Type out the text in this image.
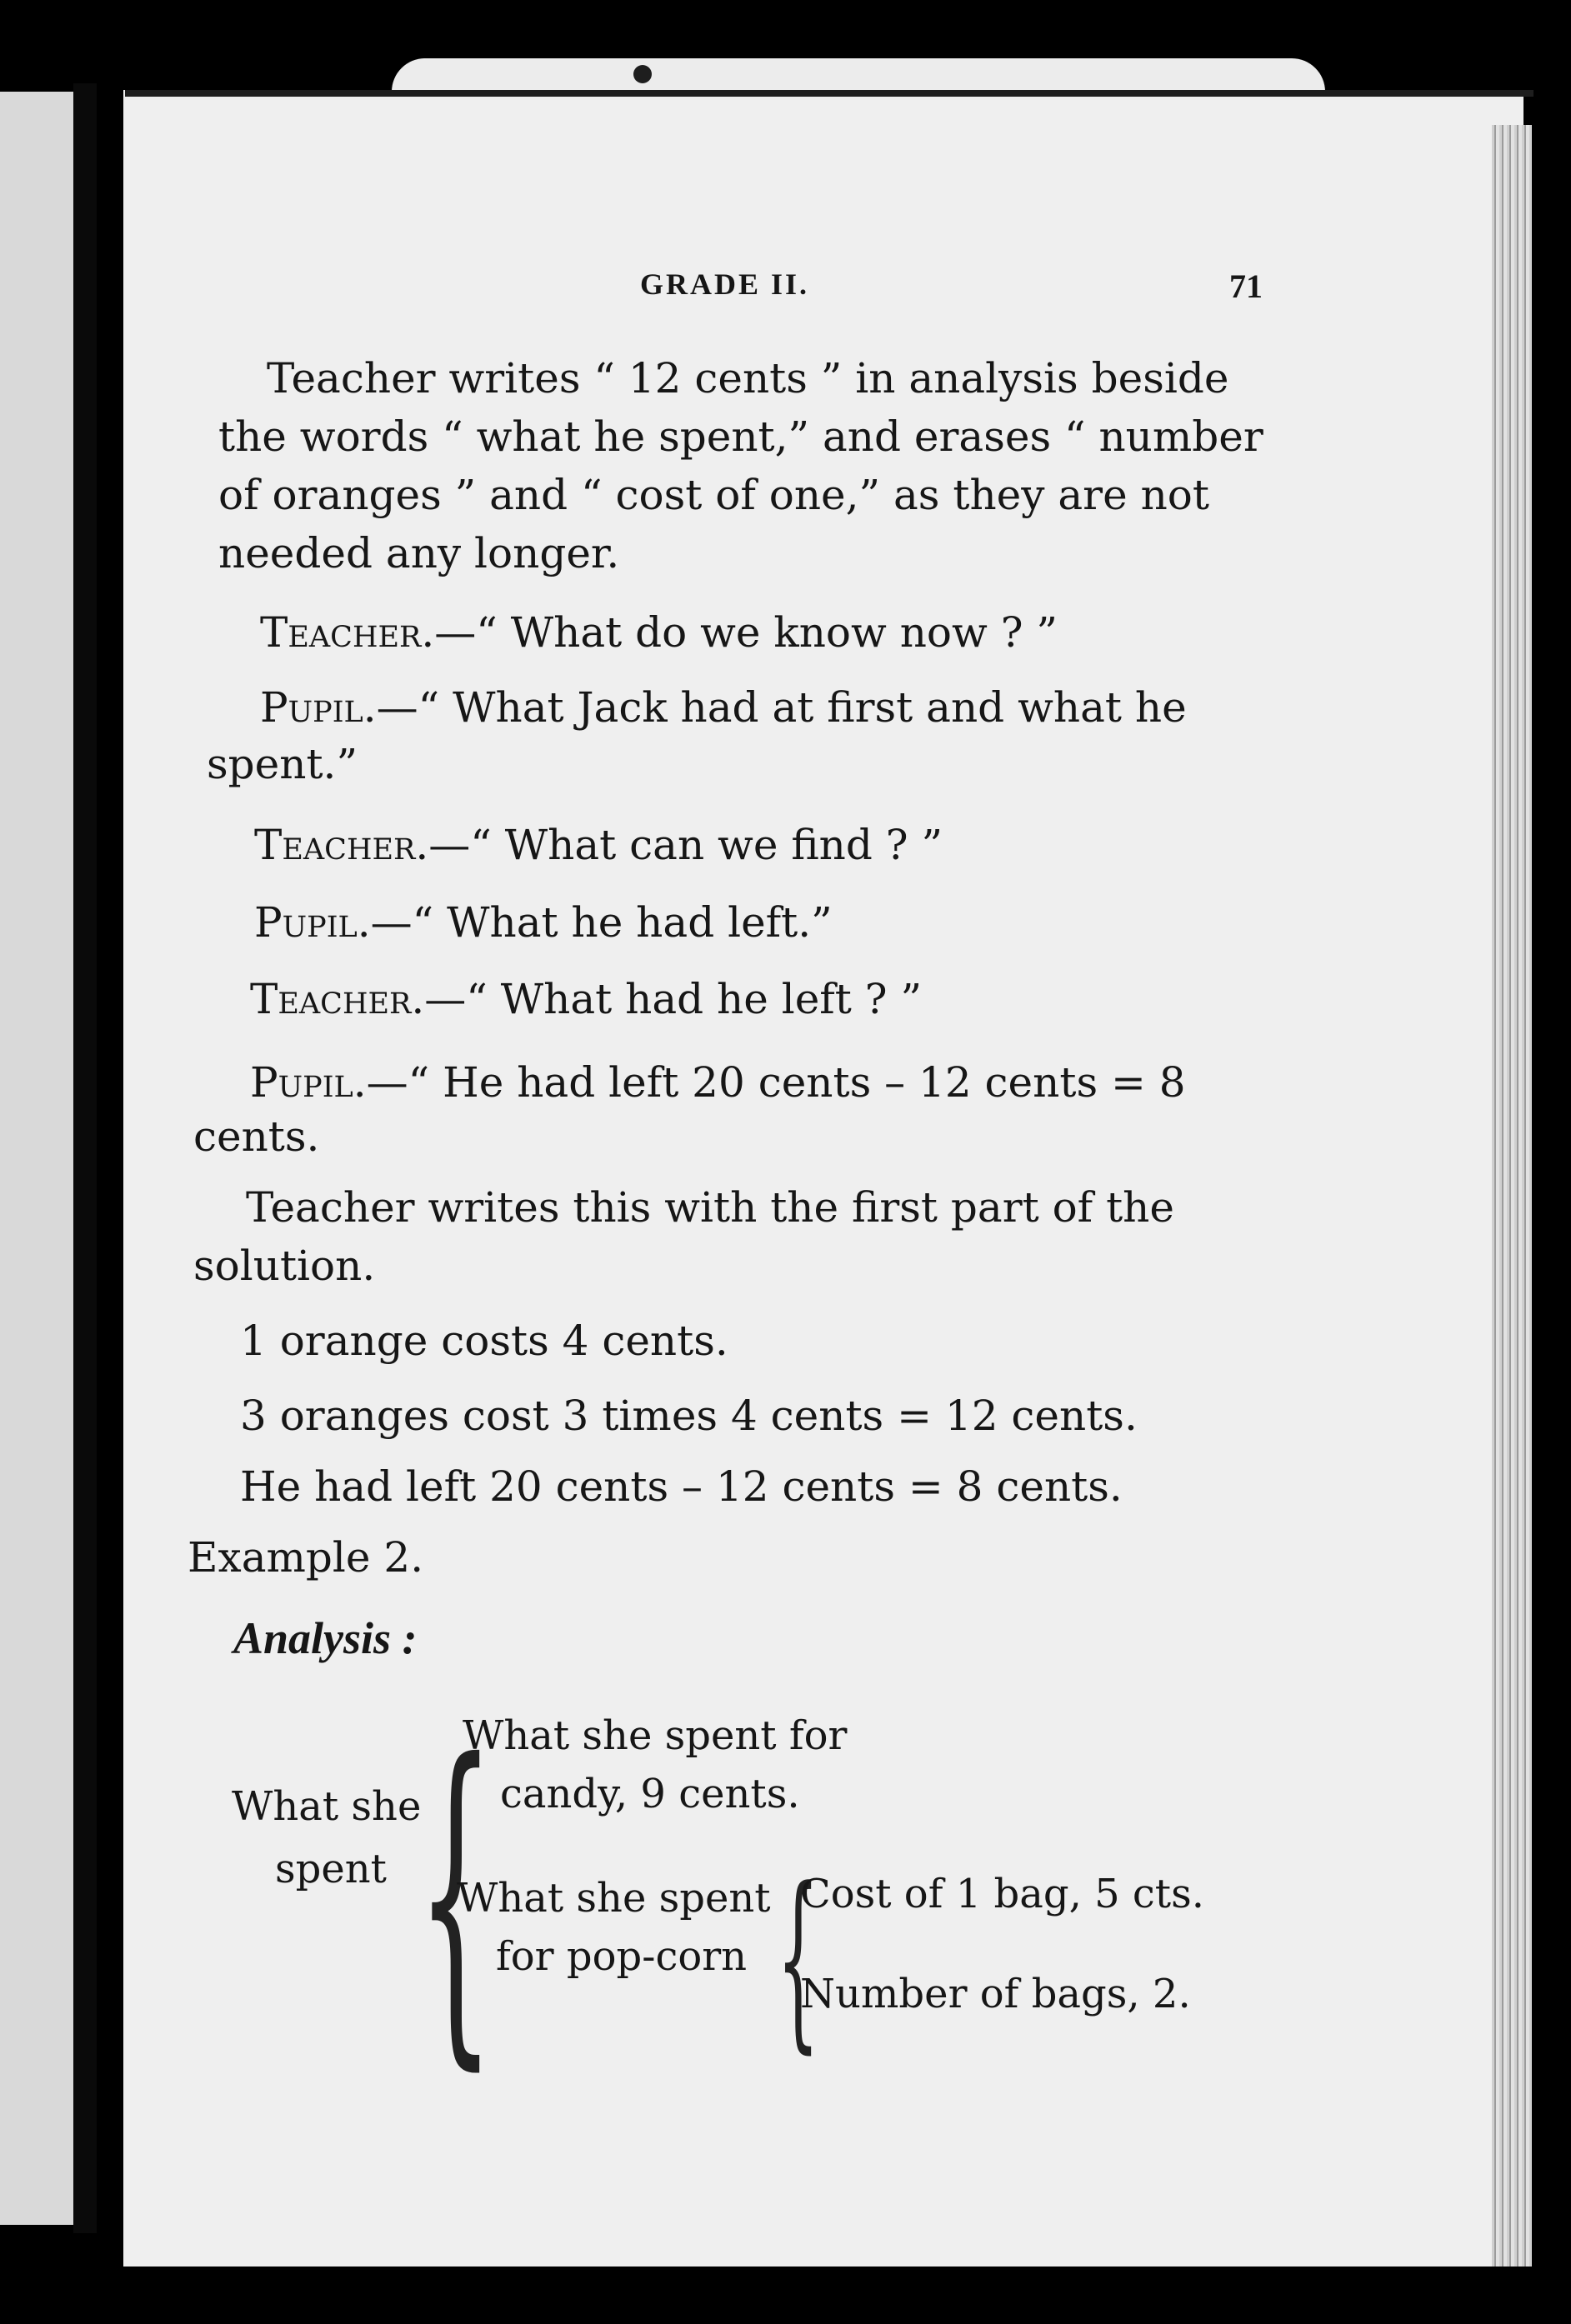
GRADE II.	71
Teacher writes “ 12 cents ” in analysis beside
the words “ what he spent,” and erases “ number
of oranges ” and “ cost of one,” as they are not
needed any longer.
Teacher.—“ What do we know now ? ”
Pupil.—“ What Jack had at first and what he
spent.”
Teacher.—“ What can we find ? ”
Pupil.—“ What he had left.”
Teacher.—“ What had he left ? ”
Pupil.—“ He had left 20 cents – 12 cents = 8
cents.
Teacher writes this with the first part of the
solution.
1 orange costs 4 cents.
3 oranges cost 3 times 4 cents = 12 cents.
He had left 20 cents – 12 cents = 8 cents.
Example 2.
Analysis :
What she
spent {
What she spent for
candy, 9 cents.
What she spent
for pop-corn {
Cost of 1 bag, 5 cts.
Number of bags, 2.
